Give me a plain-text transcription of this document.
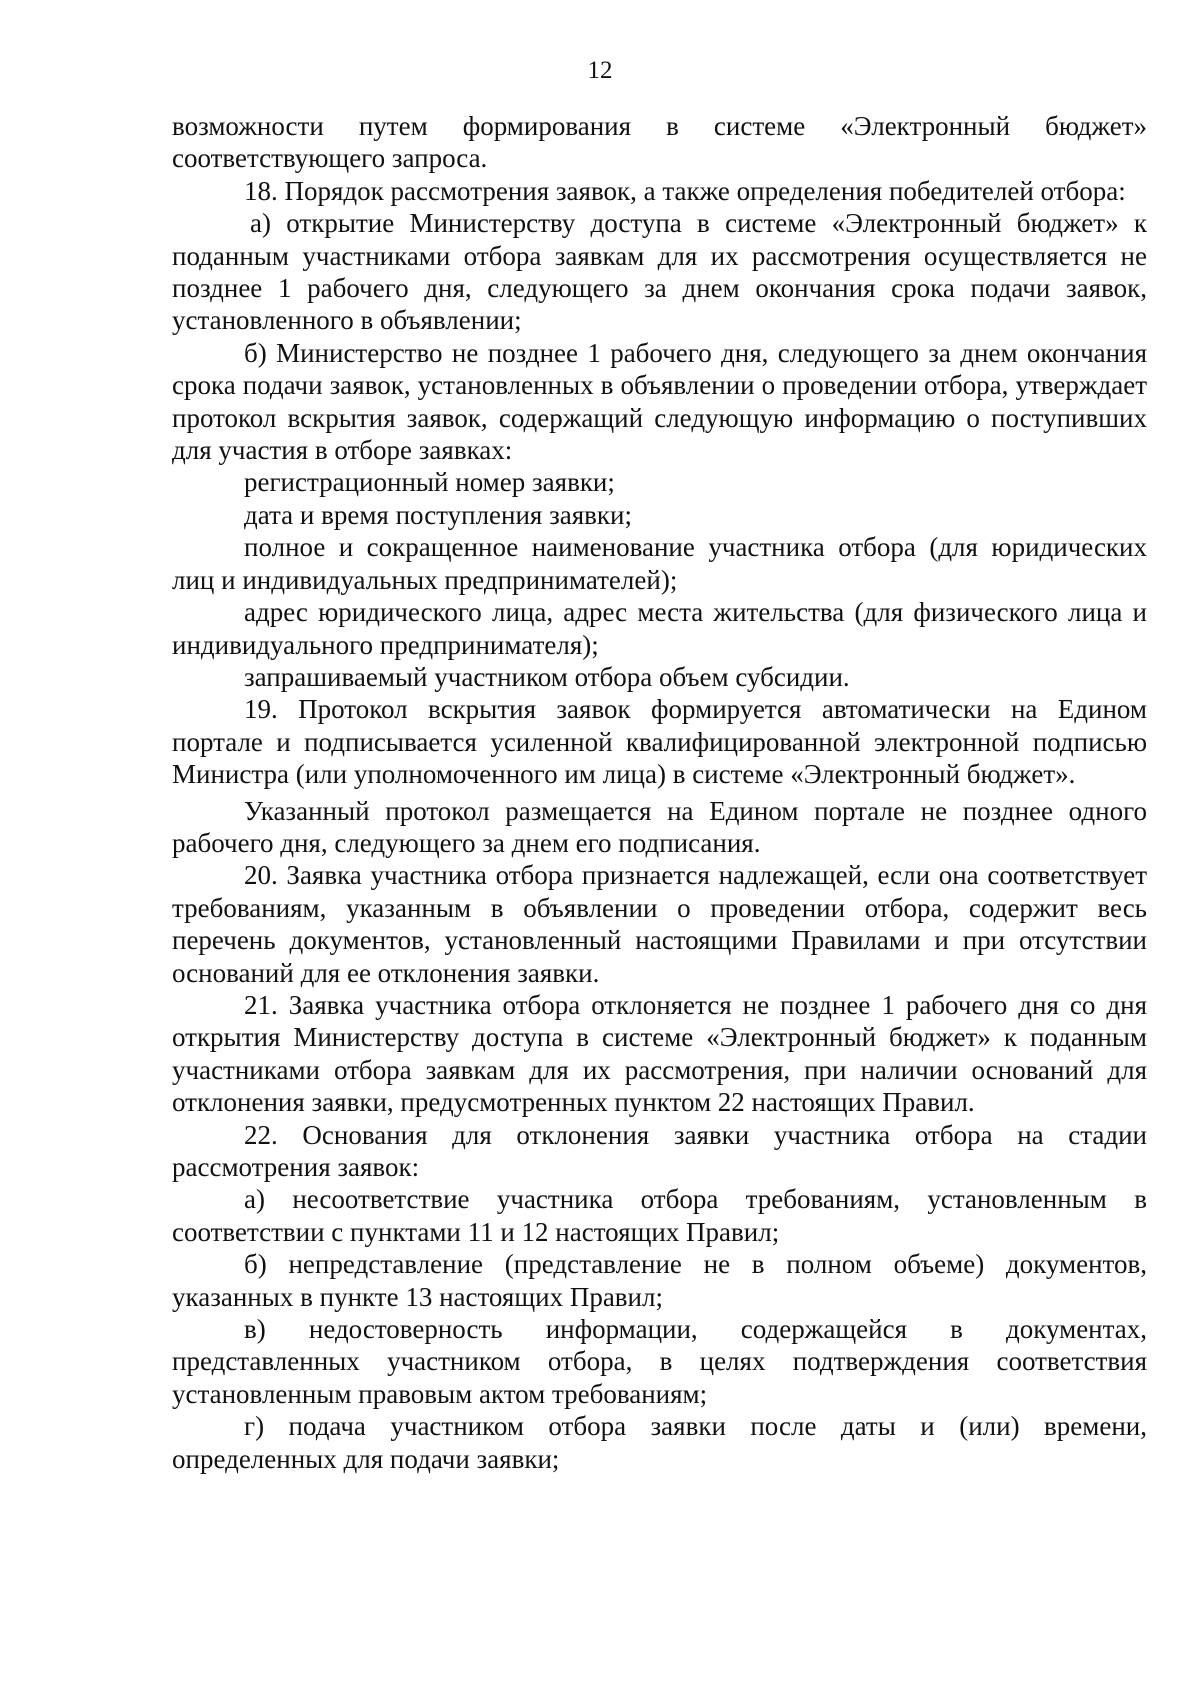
12

возможности путем формирования в системе «Электронный бюджет» соответствующего запроса.

18. Порядок рассмотрения заявок, а также определения победителей отбора:

а) открытие Министерству доступа в системе «Электронный бюджет» к поданным участниками отбора заявкам для их рассмотрения осуществляется не позднее 1 рабочего дня, следующего за днем окончания срока подачи заявок, установленного в объявлении;

б) Министерство не позднее 1 рабочего дня, следующего за днем окончания срока подачи заявок, установленных в объявлении о проведении отбора, утверждает протокол вскрытия заявок, содержащий следующую информацию о поступивших для участия в отборе заявках:

регистрационный номер заявки;

дата и время поступления заявки;

полное и сокращенное наименование участника отбора (для юридических лиц и индивидуальных предпринимателей);

адрес юридического лица, адрес места жительства (для физического лица и индивидуального предпринимателя);

запрашиваемый участником отбора объем субсидии.

19. Протокол вскрытия заявок формируется автоматически на Едином портале и подписывается усиленной квалифицированной электронной подписью Министра (или уполномоченного им лица) в системе «Электронный бюджет».

Указанный протокол размещается на Едином портале не позднее одного рабочего дня, следующего за днем его подписания.

20. Заявка участника отбора признается надлежащей, если она соответствует требованиям, указанным в объявлении о проведении отбора, содержит весь перечень документов, установленный настоящими Правилами и при отсутствии оснований для ее отклонения заявки.

21. Заявка участника отбора отклоняется не позднее 1 рабочего дня со дня открытия Министерству доступа в системе «Электронный бюджет» к поданным участниками отбора заявкам для их рассмотрения, при наличии оснований для отклонения заявки, предусмотренных пунктом 22 настоящих Правил.

22. Основания для отклонения заявки участника отбора на стадии рассмотрения заявок:

а) несоответствие участника отбора требованиям, установленным в соответствии с пунктами 11 и 12 настоящих Правил;

б) непредставление (представление не в полном объеме) документов, указанных в пункте 13 настоящих Правил;

в) недостоверность информации, содержащейся в документах, представленных участником отбора, в целях подтверждения соответствия установленным правовым актом требованиям;

г) подача участником отбора заявки после даты и (или) времени, определенных для подачи заявки;
